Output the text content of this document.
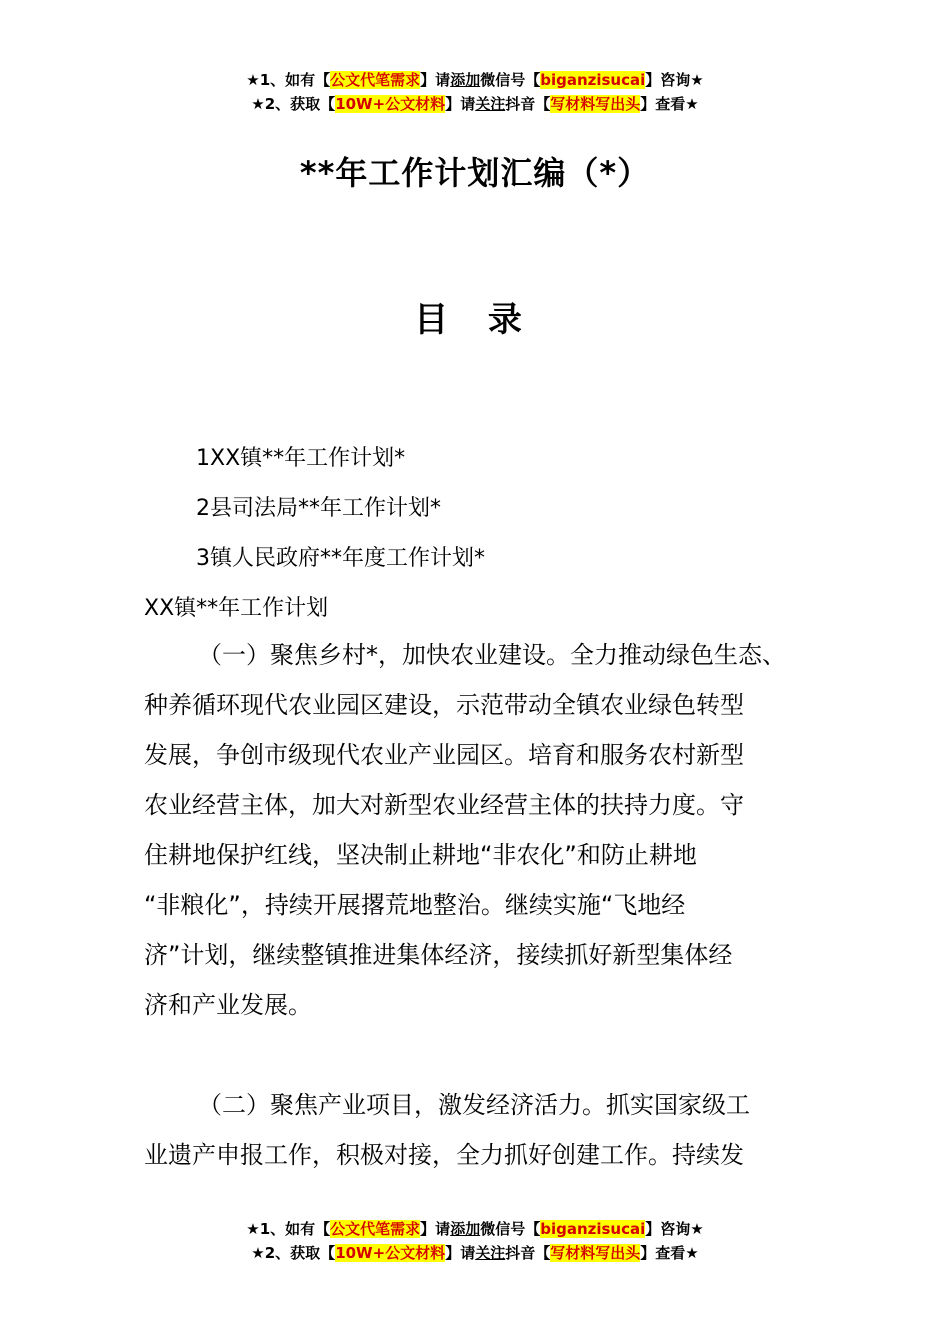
★1、如有【公文代笔需求】请添加微信号【biganzisucai】咨询★
★2、获取【10W+公文材料】请关注抖音【写材料写出头】查看★
**年工作计划汇编（*）
目 录
1XX镇**年工作计划*
2县司法局**年工作计划*
3镇人民政府**年度工作计划*
XX镇**年工作计划
（一）聚焦乡村*，加快农业建设。全力推动绿色生态、
种养循环现代农业园区建设，示范带动全镇农业绿色转型
发展，争创市级现代农业产业园区。培育和服务农村新型
农业经营主体，加大对新型农业经营主体的扶持力度。守
住耕地保护红线，坚决制止耕地“非农化”和防止耕地
“非粮化”，持续开展撂荒地整治。继续实施“飞地经
济”计划，继续整镇推进集体经济，接续抓好新型集体经
济和产业发展。
（二）聚焦产业项目，激发经济活力。抓实国家级工
业遗产申报工作，积极对接，全力抓好创建工作。持续发
★1、如有【公文代笔需求】请添加微信号【biganzisucai】咨询★
★2、获取【10W+公文材料】请关注抖音【写材料写出头】查看★
